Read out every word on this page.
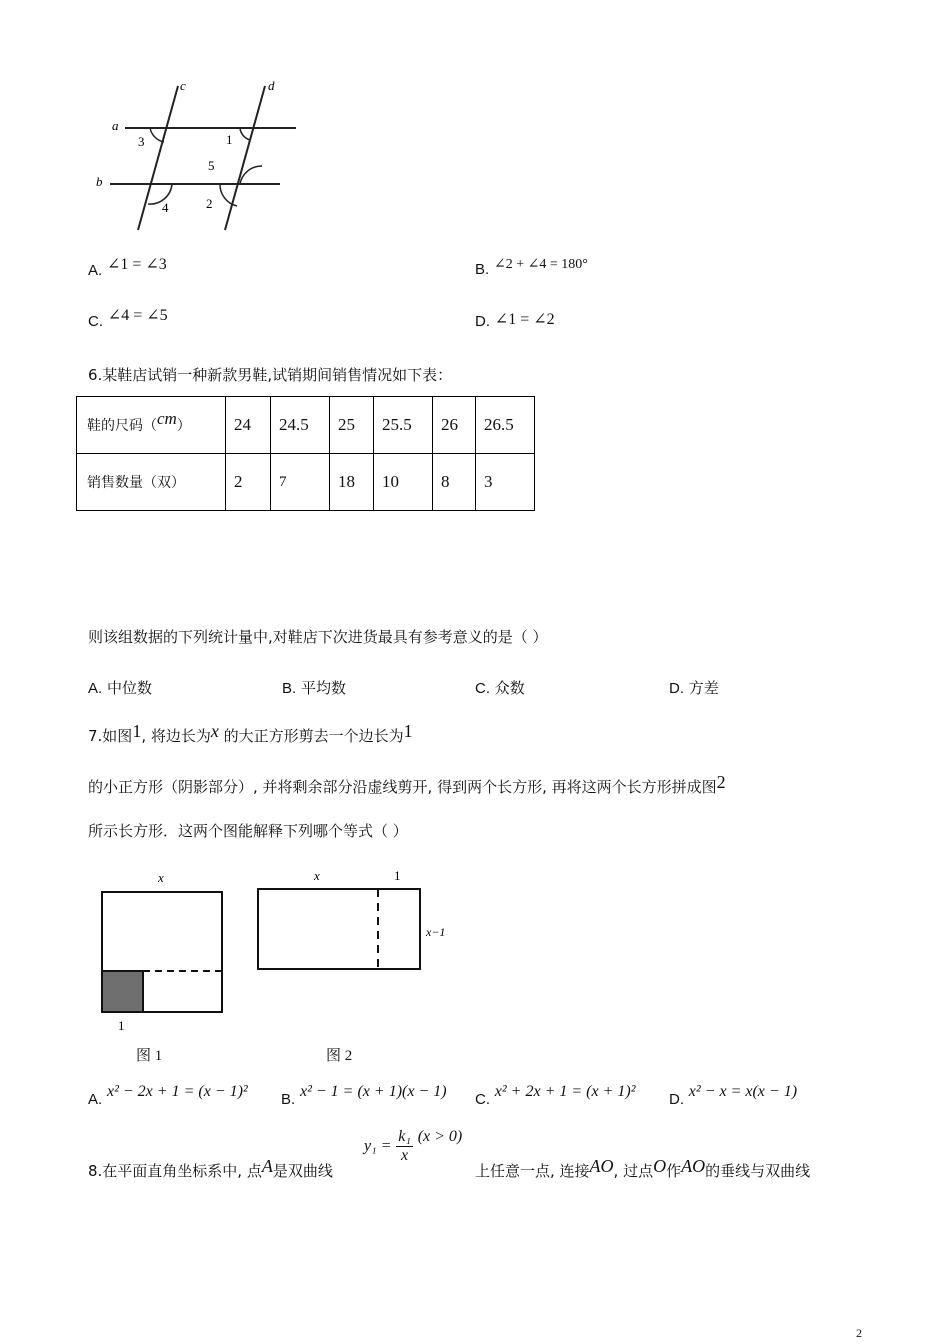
a
b
c	d
1
2
3
4
5
A. ∠1 = ∠3	B. ∠2 + ∠4 = 180°
C. ∠4 = ∠5	D. ∠1 = ∠2
6.某鞋店试销一种新款男鞋,试销期间销售情况如下表：
鞋的尺码（cm）	24	24.5	25	25.5	26	26.5
销售数量（双）	2	7	18	10	8	3
则该组数据的下列统计量中,对鞋店下次进货最具有参考意义的是（ ）
A. 中位数	B. 平均数	C. 众数	D. 方差
7.如图1, 将边长为x 的大正方形剪去一个边长为1
的小正方形（阴影部分）, 并将剩余部分沿虚线剪开, 得到两个长方形, 再将这两个长方形拼成图2
所示长方形．这两个图能解释下列哪个等式（ ）
x
1
图 1
x	1
x−1
图 2
A. x² − 2x + 1 = (x − 1)² B. x² − 1 = (x + 1)(x − 1) C. x² + 2x + 1 = (x + 1)² D. x² − x = x(x − 1)
8.在平面直角坐标系中, 点A是双曲线
$y_1 = \frac{\text{k₁}}{x} (x > 0)$
上任意一点, 连接AO, 过点O作AO的垂线与双曲线
2
